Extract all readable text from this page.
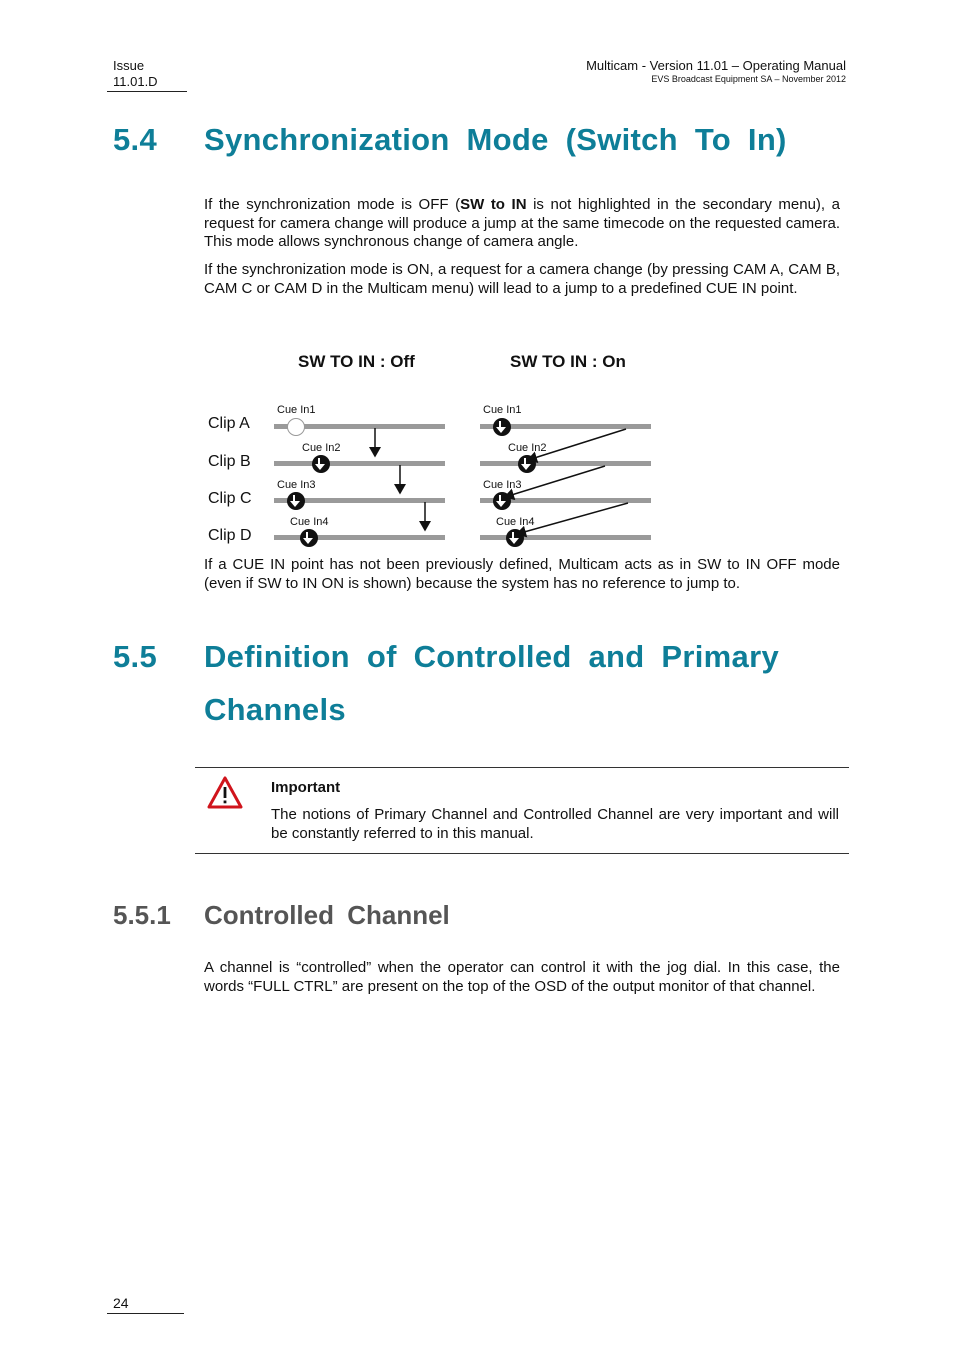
Issue
11.01.D
Multicam - Version 11.01 – Operating Manual
EVS Broadcast Equipment SA – November 2012
5.4 Synchronization Mode (Switch To In)
If the synchronization mode is OFF (SW to IN is not highlighted in the secondary menu), a request for camera change will produce a jump at the same timecode on the requested camera. This mode allows synchronous change of camera angle.
If the synchronization mode is ON, a request for a camera change (by pressing CAM A, CAM B, CAM C or CAM D in the Multicam menu) will lead to a jump to a predefined CUE IN point.
SW TO IN : Off	SW TO IN : On
Clip A
Clip B
Clip C
Clip D
Cue In1
Cue In2
Cue In3
Cue In4
Cue In1
Cue In2
Cue In3
Cue In4
If a CUE IN point has not been previously defined, Multicam acts as in SW to IN OFF mode (even if SW to IN ON is shown) because the system has no reference to jump to.
5.5 Definition of Controlled and Primary
Channels
Important
The notions of Primary Channel and Controlled Channel are very important and will be constantly referred to in this manual.
5.5.1 Controlled Channel
A channel is “controlled” when the operator can control it with the jog dial. In this case, the words “FULL CTRL” are present on the top of the OSD of the output monitor of that channel.
24
